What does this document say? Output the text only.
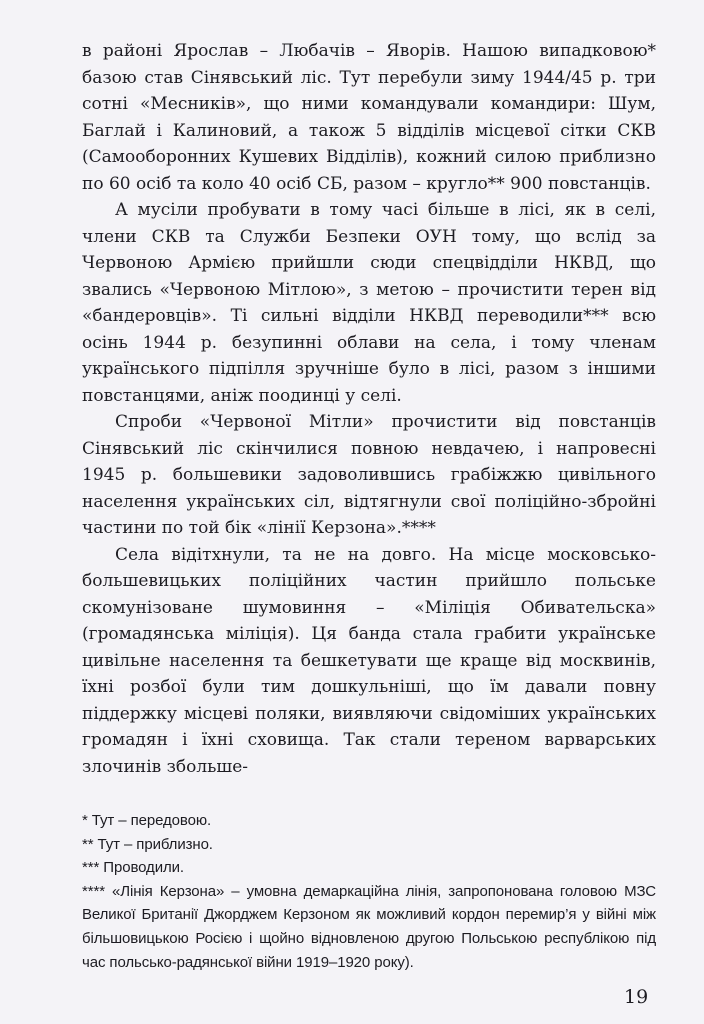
в районі Ярослав – Любачів – Яворів. Нашою випадковою* базою став Сінявський ліс. Тут перебули зиму 1944/45 р. три сотні «Месників», що ними командували командири: Шум, Баглай і Калиновий, а також 5 відділів місцевої сітки СКВ (Самооборонних Кушевих Відділів), кожний силою приблизно по 60 осіб та коло 40 осіб СБ, разом – кругло** 900 повстанців.

А мусіли пробувати в тому часі більше в лісі, як в селі, члени СКВ та Служби Безпеки ОУН тому, що вслід за Червоною Армією прийшли сюди спецвідділи НКВД, що звались «Червоною Мітлою», з метою – прочистити терен від «бандеровців». Ті сильні відділи НКВД переводили*** всю осінь 1944 р. безупинні облави на села, і тому членам українського підпілля зручніше було в лісі, разом з іншими повстанцями, аніж поодинці у селі.

Спроби «Червоної Мітли» прочистити від повстанців Сінявський ліс скінчилися повною невдачею, і напровесні 1945 р. большевики задоволившись грабіжжю цивільного населення українських сіл, відтягнули свої поліційно-збройні частини по той бік «лінії Керзона».****

Села відітхнули, та не на довго. На місце московсько-большевицьких поліційних частин прийшло польське скомунізоване шумовиння – «Міліція Обивательска» (громадянська міліція). Ця банда стала грабити українське цивільне населення та бешкетувати ще краще від москвинів, їхні розбої були тим дошкульніші, що їм давали повну піддержку місцеві поляки, виявляючи свідоміших українських громадян і їхні сховища. Так стали тереном варварських злочинів збольше-

* Тут – передовою.

** Тут – приблизно.

*** Проводили.

**** «Лінія Керзона» – умовна демаркаційна лінія, запропонована головою МЗС Великої Британії Джорджем Керзоном як можливий кордон перемир’я у війні між більшовицькою Росією і щойно відновленою другою Польською республікою під час польсько-радянської війни 1919–1920 року).

19
